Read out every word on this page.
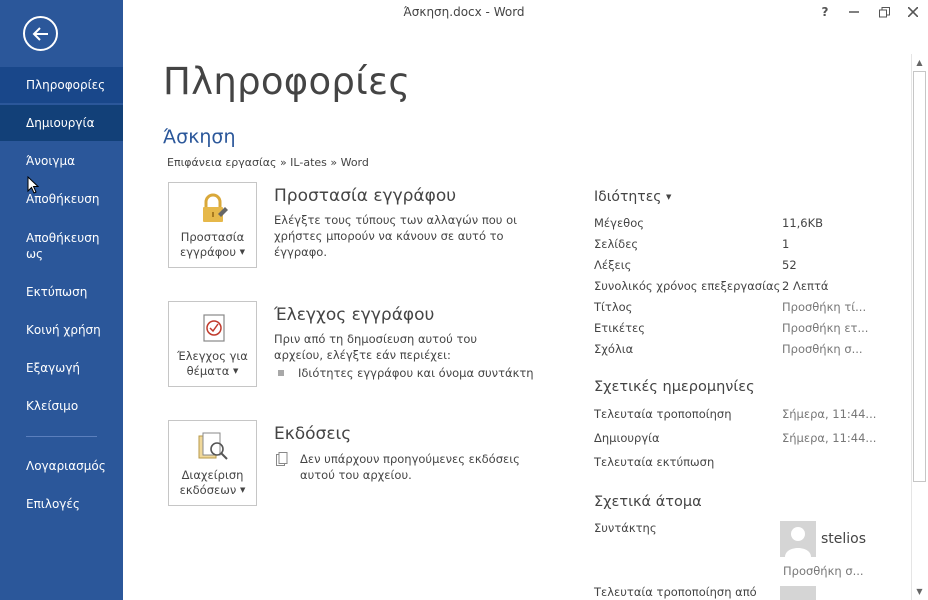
Πληροφορίες
Δημιουργία
Άνοιγμα
Αποθήκευση
Αποθήκευση ως
Εκτύπωση
Κοινή χρήση
Εξαγωγή
Κλείσιμο
Λογαριασμός
Επιλογές
Άσκηση.docx - Word	?
Πληροφορίες
Άσκηση
Επιφάνεια εργασίας » IL-ates » Word
Προστασία
εγγράφου ▼
Προστασία εγγράφου
Ελέγξτε τους τύπους των αλλαγών που οι χρήστες μπορούν να κάνουν σε αυτό το έγγραφο.
Έλεγχος για
θέματα ▼
Έλεγχος εγγράφου
Πριν από τη δημοσίευση αυτού του αρχείου, ελέγξτε εάν περιέχει:
Ιδιότητες εγγράφου και όνομα συντάκτη
Διαχείριση
εκδόσεων ▼
Εκδόσεις
Δεν υπάρχουν προηγούμενες εκδόσεις αυτού του αρχείου.
Ιδιότητες ▼
Μέγεθος	11,6KB
Σελίδες	1
Λέξεις	52
Συνολικός χρόνος επεξεργασίας 2 Λεπτά
Τίτλος	Προσθήκη τί...
Ετικέτες	Προσθήκη ετ...
Σχόλια	Προσθήκη σ...
Σχετικές ημερομηνίες
Τελευταία τροποποίηση	Σήμερα, 11:44...
Δημιουργία	Σήμερα, 11:44...
Τελευταία εκτύπωση
Σχετικά άτομα
Συντάκτης
stelios
Προσθήκη σ...
Τελευταία τροποποίηση από
▲
▼
